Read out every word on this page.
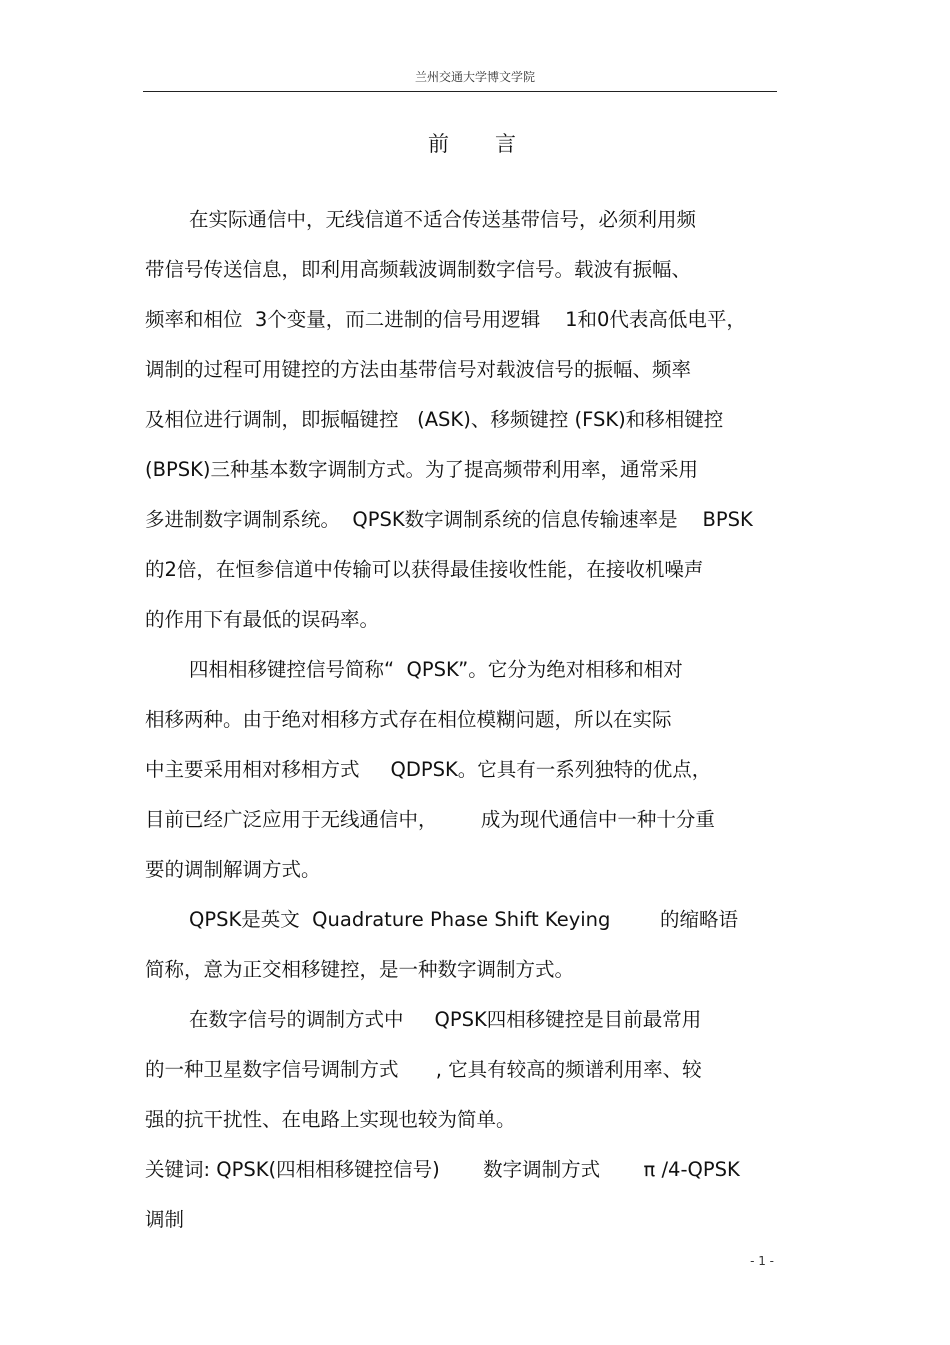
兰州交通大学博文学院
前 言
在实际通信中，无线信道不适合传送基带信号，必须利用频
带信号传送信息，即利用高频载波调制数字信号。载波有振幅、
频率和相位  3个变量，而二进制的信号用逻辑    1和0代表高低电平，
调制的过程可用键控的方法由基带信号对载波信号的振幅、频率
及相位进行调制，即振幅键控   (ASK)、移频键控 (FSK)和移相键控
(BPSK)三种基本数字调制方式。为了提高频带利用率，通常采用
多进制数字调制系统。  QPSK数字调制系统的信息传输速率是    BPSK
的2倍，在恒参信道中传输可以获得最佳接收性能，在接收机噪声
的作用下有最低的误码率。
四相相移键控信号简称“  QPSK”。它分为绝对相移和相对
相移两种。由于绝对相移方式存在相位模糊问题，所以在实际
中主要采用相对移相方式     QDPSK。它具有一系列独特的优点，
目前已经广泛应用于无线通信中，       成为现代通信中一种十分重
要的调制解调方式。
QPSK是英文  Quadrature Phase Shift Keying        的缩略语
简称，意为正交相移键控，是一种数字调制方式。
在数字信号的调制方式中     QPSK四相移键控是目前最常用
的一种卫星数字信号调制方式      , 它具有较高的频谱利用率、较
强的抗干扰性、在电路上实现也较为简单。
关键词: QPSK(四相相移键控信号)       数字调制方式       π /4-QPSK
调制
- 1 -
